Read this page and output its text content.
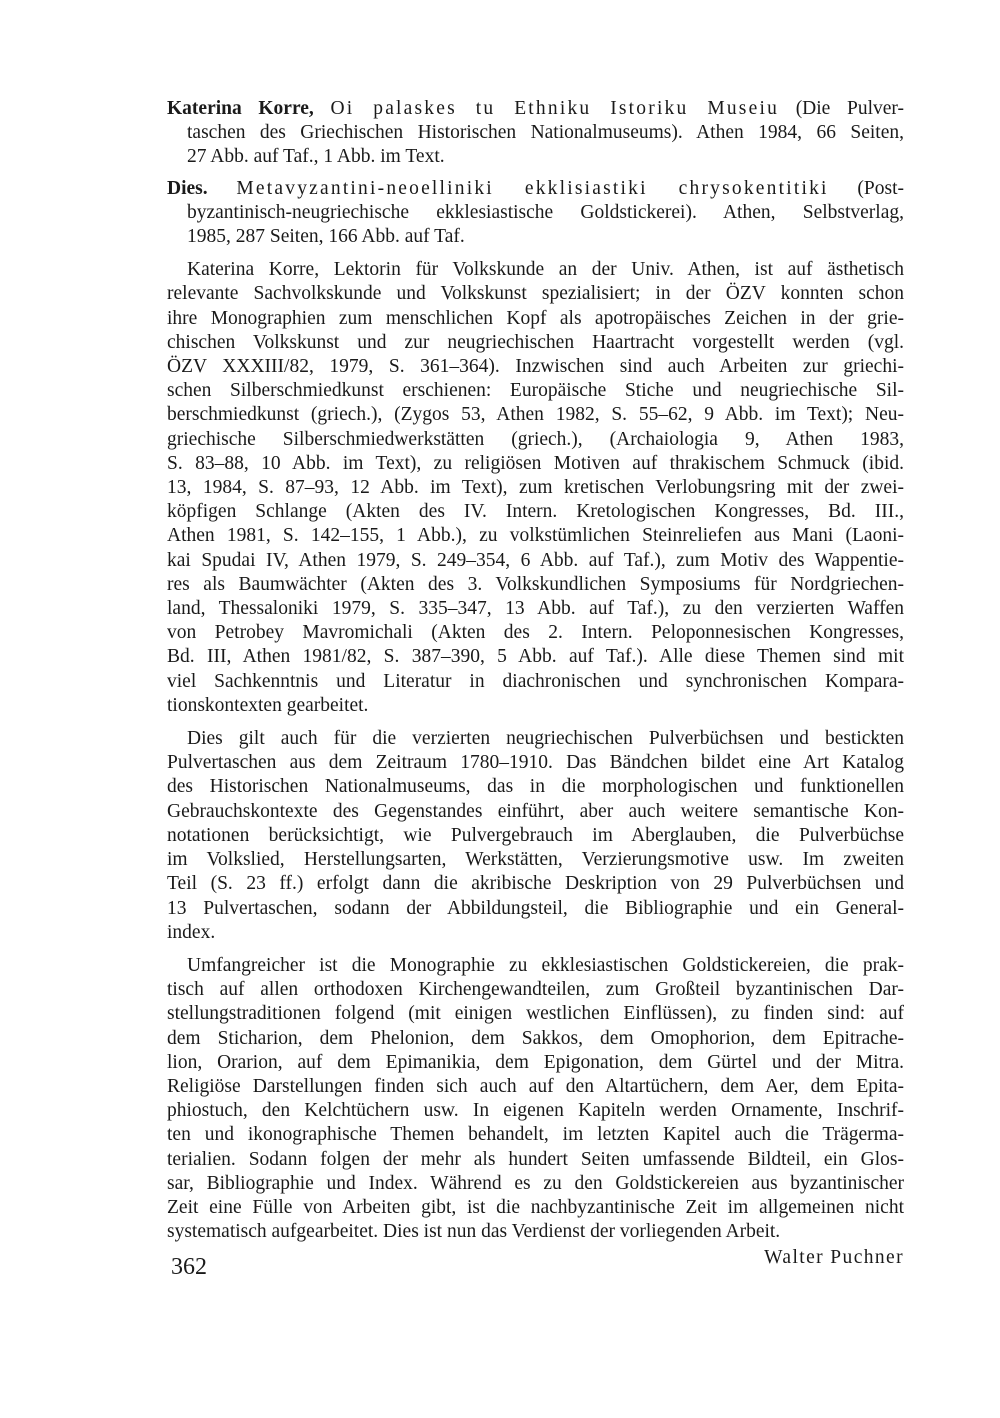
Katerina Korre, Oi palaskes tu Ethniku Istoriku Museiu (Die Pulver-
taschen des Griechischen Historischen Nationalmuseums). Athen 1984, 66 Seiten,
27 Abb. auf Taf., 1 Abb. im Text.
Dies. Metavyzantini-neoelliniki ekklisiastiki chrysokentitiki (Post-
byzantinisch-neugriechische ekklesiastische Goldstickerei). Athen, Selbstverlag,
1985, 287 Seiten, 166 Abb. auf Taf.
Katerina Korre, Lektorin für Volkskunde an der Univ. Athen, ist auf ästhetisch
relevante Sachvolkskunde und Volkskunst spezialisiert; in der ÖZV konnten schon
ihre Monographien zum menschlichen Kopf als apotropäisches Zeichen in der grie-
chischen Volkskunst und zur neugriechischen Haartracht vorgestellt werden (vgl.
ÖZV XXXIII/82, 1979, S. 361–364). Inzwischen sind auch Arbeiten zur griechi-
schen Silberschmiedkunst erschienen: Europäische Stiche und neugriechische Sil-
berschmiedkunst (griech.), (Zygos 53, Athen 1982, S. 55–62, 9 Abb. im Text); Neu-
griechische Silberschmiedwerkstätten (griech.), (Archaiologia 9, Athen 1983,
S. 83–88, 10 Abb. im Text), zu religiösen Motiven auf thrakischem Schmuck (ibid.
13, 1984, S. 87–93, 12 Abb. im Text), zum kretischen Verlobungsring mit der zwei-
köpfigen Schlange (Akten des IV. Intern. Kretologischen Kongresses, Bd. III.,
Athen 1981, S. 142–155, 1 Abb.), zu volkstümlichen Steinreliefen aus Mani (Laoni-
kai Spudai IV, Athen 1979, S. 249–354, 6 Abb. auf Taf.), zum Motiv des Wappentie-
res als Baumwächter (Akten des 3. Volkskundlichen Symposiums für Nordgriechen-
land, Thessaloniki 1979, S. 335–347, 13 Abb. auf Taf.), zu den verzierten Waffen
von Petrobey Mavromichali (Akten des 2. Intern. Peloponnesischen Kongresses,
Bd. III, Athen 1981/82, S. 387–390, 5 Abb. auf Taf.). Alle diese Themen sind mit
viel Sachkenntnis und Literatur in diachronischen und synchronischen Kompara-
tionskontexten gearbeitet.
Dies gilt auch für die verzierten neugriechischen Pulverbüchsen und bestickten
Pulvertaschen aus dem Zeitraum 1780–1910. Das Bändchen bildet eine Art Katalog
des Historischen Nationalmuseums, das in die morphologischen und funktionellen
Gebrauchskontexte des Gegenstandes einführt, aber auch weitere semantische Kon-
notationen berücksichtigt, wie Pulvergebrauch im Aberglauben, die Pulverbüchse
im Volkslied, Herstellungsarten, Werkstätten, Verzierungsmotive usw. Im zweiten
Teil (S. 23 ff.) erfolgt dann die akribische Deskription von 29 Pulverbüchsen und
13 Pulvertaschen, sodann der Abbildungsteil, die Bibliographie und ein General-
index.
Umfangreicher ist die Monographie zu ekklesiastischen Goldstickereien, die prak-
tisch auf allen orthodoxen Kirchengewandteilen, zum Großteil byzantinischen Dar-
stellungstraditionen folgend (mit einigen westlichen Einflüssen), zu finden sind: auf
dem Sticharion, dem Phelonion, dem Sakkos, dem Omophorion, dem Epitrache-
lion, Orarion, auf dem Epimanikia, dem Epigonation, dem Gürtel und der Mitra.
Religiöse Darstellungen finden sich auch auf den Altartüchern, dem Aer, dem Epita-
phiostuch, den Kelchtüchern usw. In eigenen Kapiteln werden Ornamente, Inschrif-
ten und ikonographische Themen behandelt, im letzten Kapitel auch die Trägerma-
terialien. Sodann folgen der mehr als hundert Seiten umfassende Bildteil, ein Glos-
sar, Bibliographie und Index. Während es zu den Goldstickereien aus byzantinischer
Zeit eine Fülle von Arbeiten gibt, ist die nachbyzantinische Zeit im allgemeinen nicht
systematisch aufgearbeitet. Dies ist nun das Verdienst der vorliegenden Arbeit.
Walter Puchner
362
